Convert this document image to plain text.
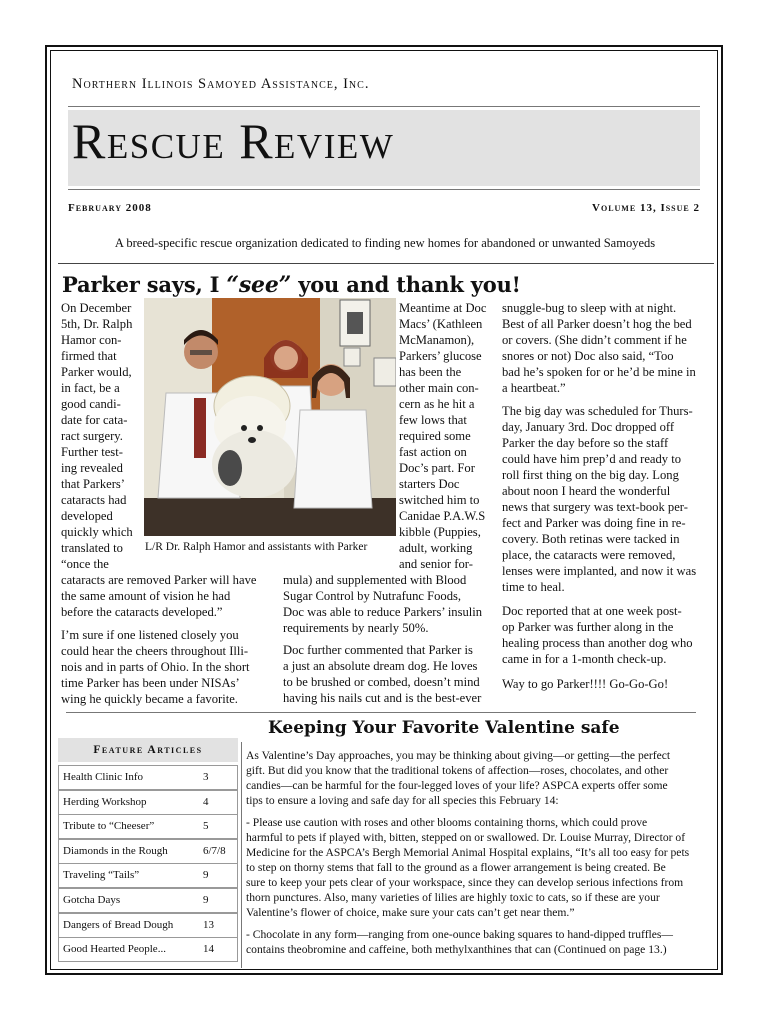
Northern Illinois Samoyed Assistance, Inc.
Rescue Review
February 2008	Volume 13, Issue 2
A breed-specific rescue organization dedicated to finding new homes for abandoned or unwanted Samoyeds
Parker says, I “see” you and thank you!
On December
5th, Dr. Ralph
Hamor con-
firmed that
Parker would,
in fact, be a
good candi-
date for cata-
ract surgery.
Further test-
ing revealed
that Parkers’
cataracts had
developed
quickly which
translated to
“once the
cataracts are removed Parker will have
the same amount of vision he had
before the cataracts developed.”
I’m sure if one listened closely you
could hear the cheers throughout Illi-
nois and in parts of Ohio. In the short
time Parker has been under NISAs’
wing he quickly became a favorite.
L/R Dr. Ralph Hamor and assistants with Parker
Meantime at Doc
Macs’ (Kathleen
McManamon),
Parkers’ glucose
has been the
other main con-
cern as he hit a
few lows that
required some
fast action on
Doc’s part. For
starters Doc
switched him to
Canidae P.A.W.S
kibble (Puppies,
adult, working
and senior for-
mula) and supplemented with Blood
Sugar Control by Nutrafunc Foods,
Doc was able to reduce Parkers’ insulin
requirements by nearly 50%.
Doc further commented that Parker is
a just an absolute dream dog. He loves
to be brushed or combed, doesn’t mind
having his nails cut and is the best-ever
snuggle-bug to sleep with at night.
Best of all Parker doesn’t hog the bed
or covers. (She didn’t comment if he
snores or not) Doc also said, “Too
bad he’s spoken for or he’d be mine in
a heartbeat.”
The big day was scheduled for Thurs-
day, January 3rd. Doc dropped off
Parker the day before so the staff
could have him prep’d and ready to
roll first thing on the big day. Long
about noon I heard the wonderful
news that surgery was text-book per-
fect and Parker was doing fine in re-
covery. Both retinas were tacked in
place, the cataracts were removed,
lenses were implanted, and now it was
time to heal.
Doc reported that at one week post-
op Parker was further along in the
healing process than another dog who
came in for a 1-month check-up.
Way to go Parker!!!! Go-Go-Go!
Feature Articles
Health Clinic Info	3
Herding Workshop	4
Tribute to “Cheeser”	5
Diamonds in the Rough	6/7/8
Traveling “Tails”	9
Gotcha Days	9
Dangers of Bread Dough	13
Good Hearted People...	14
Keeping Your Favorite Valentine safe
As Valentine’s Day approaches, you may be thinking about giving—or getting—the perfect
gift. But did you know that the traditional tokens of affection—roses, chocolates, and other
candies—can be harmful for the four-legged loves of your life? ASPCA experts offer some
tips to ensure a loving and safe day for all species this February 14:
- Please use caution with roses and other blooms containing thorns, which could prove
harmful to pets if played with, bitten, stepped on or swallowed. Dr. Louise Murray, Director of
Medicine for the ASPCA’s Bergh Memorial Animal Hospital explains, “It’s all too easy for pets
to step on thorny stems that fall to the ground as a flower arrangement is being created. Be
sure to keep your pets clear of your workspace, since they can develop serious infections from
thorn punctures. Also, many varieties of lilies are highly toxic to cats, so if these are your
Valentine’s flower of choice, make sure your cats can’t get near them.”
- Chocolate in any form—ranging from one-ounce baking squares to hand-dipped truffles—
contains theobromine and caffeine, both methylxanthines that can (Continued on page 13.)
